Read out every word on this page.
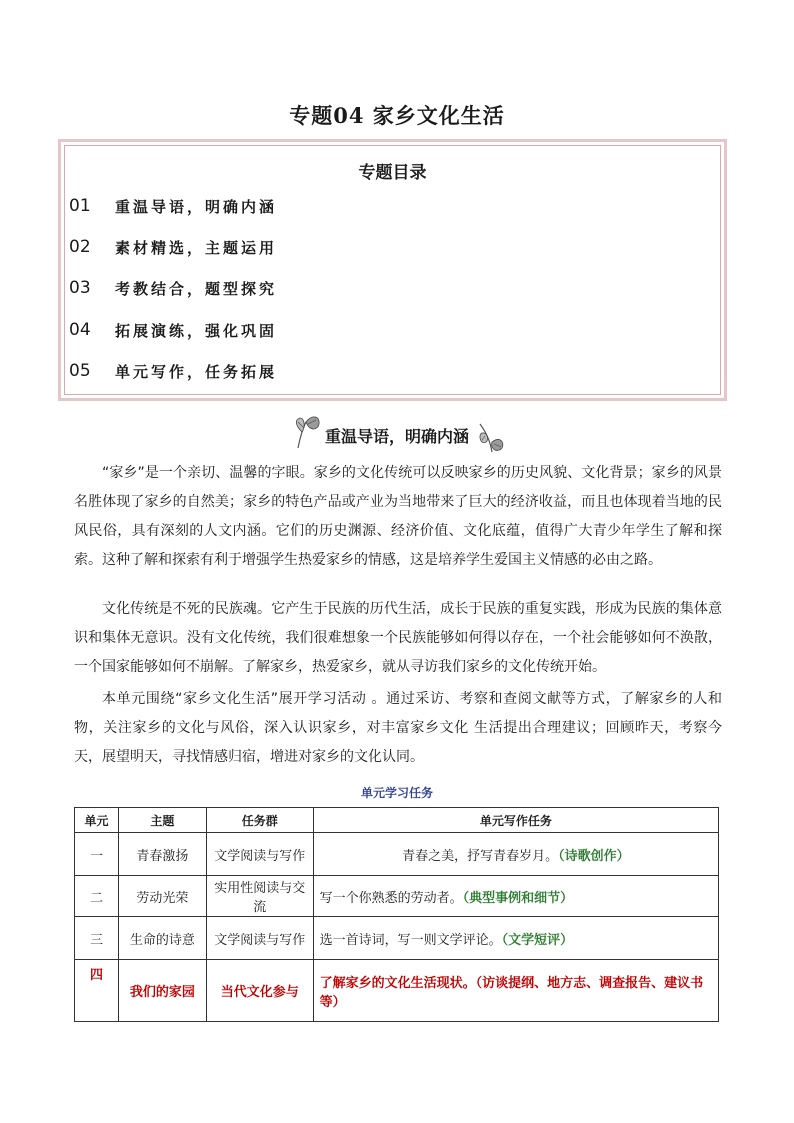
专题04 家乡文化生活
专题目录
01	重温导语，明确内涵
02	素材精选，主题运用
03	考教结合，题型探究
04	拓展演练，强化巩固
05	单元写作，任务拓展
重温导语，明确内涵

“家乡”是一个亲切、温馨的字眼。家乡的文化传统可以反映家乡的历史风貌、文化背景；家乡的风景名胜体现了家乡的自然美；家乡的特色产品或产业为当地带来了巨大的经济收益，而且也体现着当地的民风民俗，具有深刻的人文内涵。它们的历史渊源、经济价值、文化底蕴，值得广大青少年学生了解和探索。这种了解和探索有利于增强学生热爱家乡的情感，这是培养学生爱国主义情感的必由之路。

文化传统是不死的民族魂。它产生于民族的历代生活，成长于民族的重复实践，形成为民族的集体意识和集体无意识。没有文化传统，我们很难想象一个民族能够如何得以存在，一个社会能够如何不涣散，一个国家能够如何不崩解。了解家乡，热爱家乡，就从寻访我们家乡的文化传统开始。

本单元围绕“家乡文化生活”展开学习活动 。通过采访、考察和查阅文献等方式，了解家乡的人和物，关注家乡的文化与风俗，深入认识家乡，对丰富家乡文化 生活提出合理建议；回顾昨天，考察今天，展望明天，寻找情感归宿，增进对家乡的文化认同。

单元学习任务
单元	主题	任务群	单元写作任务
一	青春激扬	文学阅读与写作	青春之美，抒写青春岁月。（诗歌创作）
二	劳动光荣	实用性阅读与交流	写一个你熟悉的劳动者。（典型事例和细节）
三	生命的诗意	文学阅读与写作	选一首诗词，写一则文学评论。（文学短评）
四	我们的家园	当代文化参与	了解家乡的文化生活现状。（访谈提纲、地方志、调查报告、建议书等）
